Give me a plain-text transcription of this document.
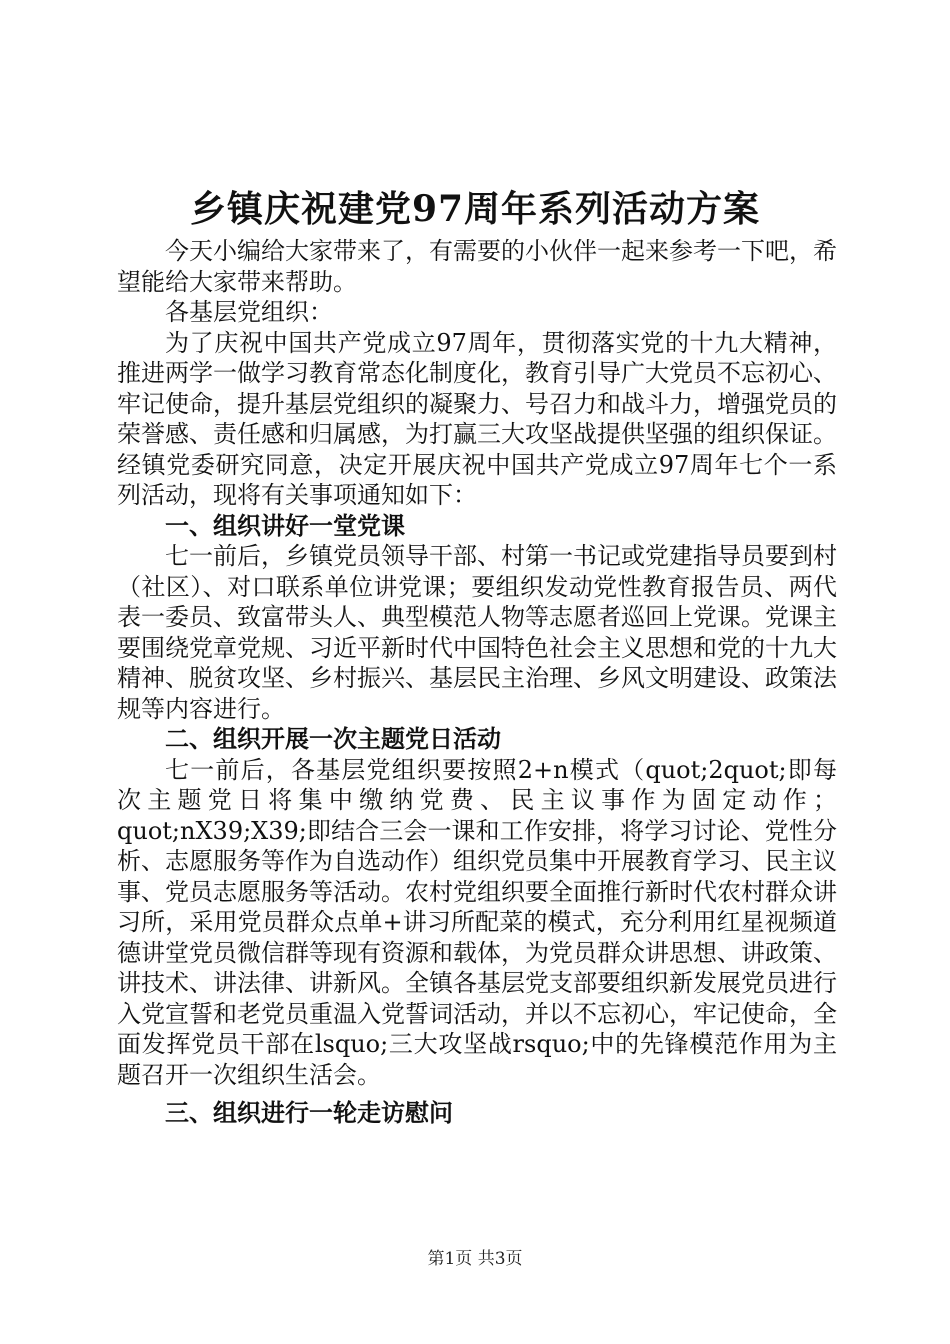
乡镇庆祝建党97周年系列活动方案

今天小编给大家带来了，有需要的小伙伴一起来参考一下吧，希望能给大家带来帮助。

各基层党组织：

为了庆祝中国共产党成立97周年，贯彻落实党的十九大精神，推进两学一做学习教育常态化制度化，教育引导广大党员不忘初心、牢记使命，提升基层党组织的凝聚力、号召力和战斗力，增强党员的荣誉感、责任感和归属感，为打赢三大攻坚战提供坚强的组织保证。经镇党委研究同意，决定开展庆祝中国共产党成立97周年七个一系列活动，现将有关事项通知如下：

一、组织讲好一堂党课

七一前后，乡镇党员领导干部、村第一书记或党建指导员要到村（社区）、对口联系单位讲党课；要组织发动党性教育报告员、两代表一委员、致富带头人、典型模范人物等志愿者巡回上党课。党课主要围绕党章党规、习近平新时代中国特色社会主义思想和党的十九大精神、脱贫攻坚、乡村振兴、基层民主治理、乡风文明建设、政策法规等内容进行。

二、组织开展一次主题党日活动

七一前后，各基层党组织要按照2+n模式（quot;2quot;即每次主题党日将集中缴纳党费、民主议事作为固定动作；quot;nX39;X39;即结合三会一课和工作安排，将学习讨论、党性分析、志愿服务等作为自选动作）组织党员集中开展教育学习、民主议事、党员志愿服务等活动。农村党组织要全面推行新时代农村群众讲习所，采用党员群众点单+讲习所配菜的模式，充分利用红星视频道德讲堂党员微信群等现有资源和载体，为党员群众讲思想、讲政策、讲技术、讲法律、讲新风。全镇各基层党支部要组织新发展党员进行入党宣誓和老党员重温入党誓词活动，并以不忘初心，牢记使命，全面发挥党员干部在lsquo;三大攻坚战rsquo;中的先锋模范作用为主题召开一次组织生活会。

三、组织进行一轮走访慰问

第1页 共3页
